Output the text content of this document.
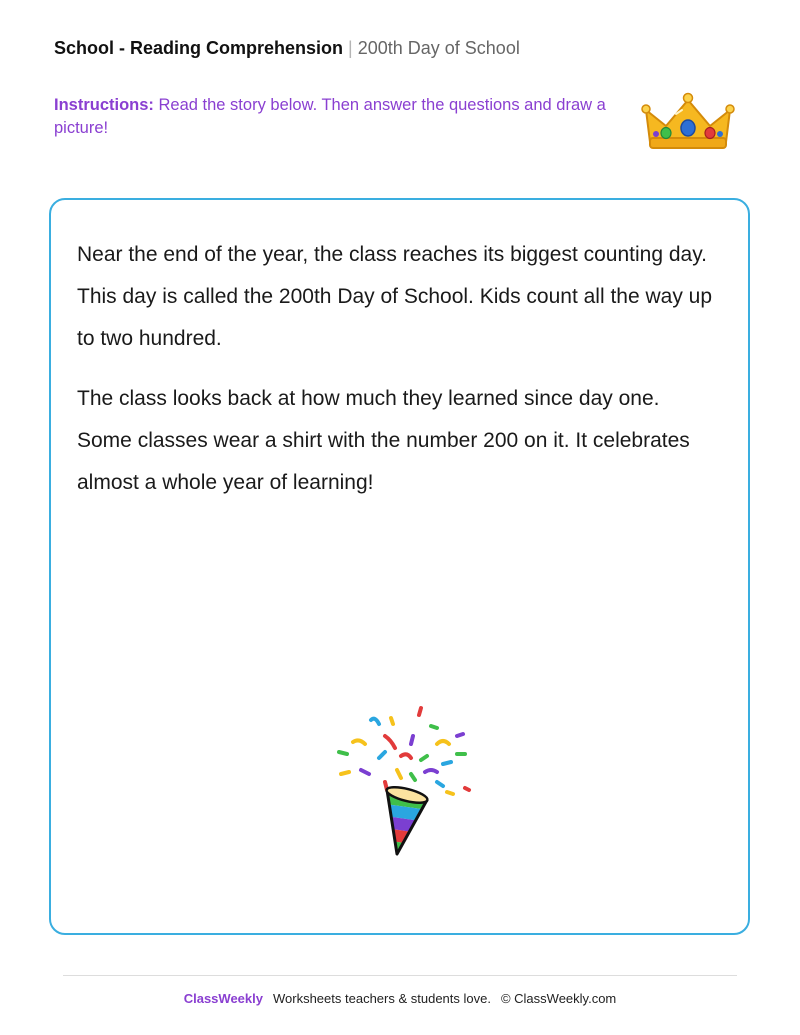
School - Reading Comprehension | 200th Day of School
Instructions: Read the story below. Then answer the questions and draw a picture!

Near the end of the year, the class reaches its biggest counting day. This day is called the 200th Day of School. Kids count all the way up to two hundred.

The class looks back at how much they learned since day one. Some classes wear a shirt with the number 200 on it. It celebrates almost a whole year of learning!

ClassWeekly Worksheets teachers & students love. © ClassWeekly.com
